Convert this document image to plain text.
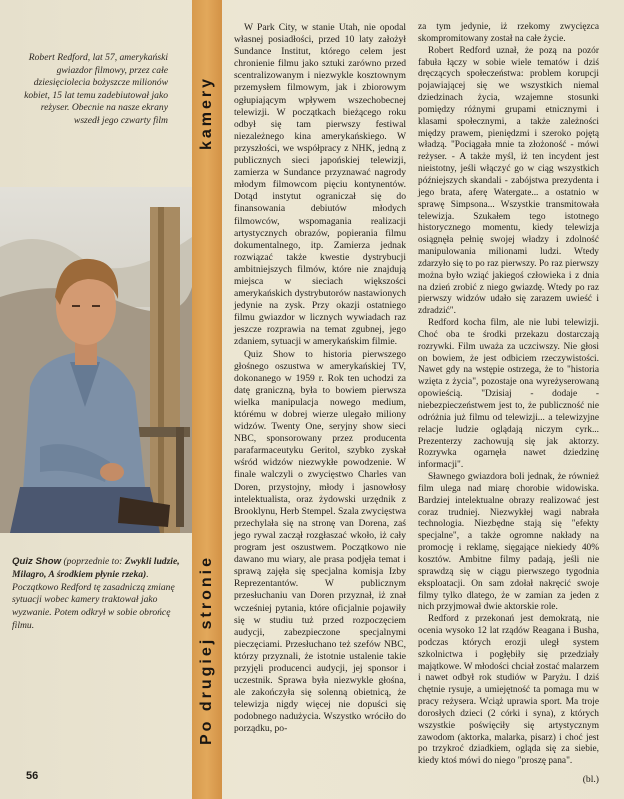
Robert Redford, lat 57, amerykański gwiazdor filmowy, przez całe dziesięciolecia bożyszcze milionów kobiet, 15 lat temu zadebiutował jako reżyser. Obecnie na nasze ekrany wszedł jego czwarty film
Quiz Show (poprzednie to: Zwykli ludzie, Milagro, A środkiem płynie rzeka). Początkowo Redford tę zasadniczą zmianę sytuacji wobec kamery traktował jako wyzwanie. Potem odkrył w sobie obrońcę filmu.
kamery
Po drugiej stronie

W Park City, w stanie Utah, nie opodal własnej posiadłości, przed 10 laty założył Sundance Institut, którego celem jest chronienie filmu jako sztuki zarówno przed scentralizowanym i niezwykle kosztownym przemysłem filmowym, jak i zbiorowym ogłupiającym wpływem wszechobecnej telewizji. W początkach bieżącego roku odbył się tam pierwszy festiwal niezależnego kina amerykańskiego. W przyszłości, we współpracy z NHK, jedną z publicznych sieci japońskiej telewizji, zamierza w Sundance przyznawać nagrody młodym filmowcom pięciu kontynentów. Dotąd instytut ograniczał się do finansowania debiutów młodych filmowców, wspomagania realizacji artystycznych obrazów, popierania filmu dokumentalnego, itp. Zamierza jednak rozwiązać także kwestie dystrybucji ambitniejszych filmów, które nie znajdują miejsca w sieciach większości amerykańskich dystrybutorów nastawionych jedynie na zysk. Przy okazji ostatniego filmu gwiazdor w licznych wywiadach raz jeszcze rozprawia na temat zgubnej, jego zdaniem, sytuacji w amerykańskim filmie.

Quiz Show to historia pierwszego głośnego oszustwa w amerykańskiej TV, dokonanego w 1959 r. Rok ten uchodzi za datę graniczną, była to bowiem pierwsza wielka manipulacja nowego medium, którému w dobrej wierze ulegało miliony widzów. Twenty One, seryjny show sieci NBC, sponsorowany przez producenta parafarmaceutyku Geritol, szybko zyskał wśród widzów niezwykłe powodzenie. W finale walczyli o zwycięstwo Charles van Doren, przystojny, młody i jasnowłosy intelektualista, oraz żydowski urzędnik z Brooklynu, Herb Stempel. Szala zwycięstwa przechylała się na stronę van Dorena, zaś jego rywal zaczął rozgłaszać wkoło, iż cały program jest oszustwem. Początkowo nie dawano mu wiary, ale prasa podjęła temat i sprawą zajęła się specjalna komisja Izby Reprezentantów. W publicznym przesłuchaniu van Doren przyznał, iż znał wcześniej pytania, które oficjalnie pojawiły się w studiu tuż przed rozpoczęciem audycji, zabezpieczone specjalnymi pieczęciami. Przesłuchano też szefów NBC, którzy przyznali, że istotnie ustalenie takie przyjęli producenci audycji, jej sponsor i uczestnik. Sprawa była niezwykle głośna, ale zakończyła się solenną obietnicą, że telewizja nigdy więcej nie dopuści się podobnego nadużycia. Wszystko wróciło do porządku, po-

za tym jedynie, iż rzekomy zwycięzca skompromitowany został na całe życie.

Robert Redford uznał, że pozą na pozór fabuła łączy w sobie wiele tematów i dziś dręczących społeczeństwa: problem korupcji pojawiającej się we wszystkich niemal dziedzinach życia, wzajemne stosunki pomiędzy różnymi grupami etnicznymi i klasami społecznymi, a także zależności między prawem, pieniędzmi i szeroko pojętą władzą. "Pociągała mnie ta złożoność - mówi reżyser. - A także myśl, iż ten incydent jest nieistotny, jeśli włączyć go w ciąg wszystkich późniejszych skandali - zabójstwa prezydenta i jego brata, aferę Watergate... a ostatnio w sprawę Simpsona... Wszystkie transmitowała telewizja. Szukałem tego istotnego historycznego momentu, kiedy telewizja osiągnęła pełnię swojej władzy i zdolność manipulowania milionami ludzi. Wtedy zdarzyło się to po raz pierwszy. Po raz pierwszy można było wziąć jakiegoś człowieka i z dnia na dzień zrobić z niego gwiazdę. Wtedy po raz pierwszy widzów udało się zarazem uwieść i zdradzić".

Redford kocha film, ale nie lubi telewizji. Choć oba te środki przekazu dostarczają rozrywki. Film uważa za uczciwszy. Nie głosi on bowiem, że jest odbiciem rzeczywistości. Nawet gdy na wstępie ostrzega, że to "historia wzięta z życia", pozostaje ona wyreżyserowaną opowieścią. "Dzisiaj - dodaje - niebezpieczeństwem jest to, że publiczność nie odróżnia już filmu od telewizji... a telewizyjne relacje ludzie oglądają niczym cyrk... Prezenterzy zachowują się jak aktorzy. Rozrywka ogarnęła nawet dziedzinę informacji".

Sławnego gwiazdora boli jednak, że również film ulega nad miarę chorobie widowiska. Bardziej intelektualne obrazy realizować jest coraz trudniej. Niezwykłej wagi nabrała technologia. Niezbędne stają się "efekty specjalne", a także ogromne nakłady na promocję i reklamę, sięgające niekiedy 40% kosztów. Ambitne filmy padają, jeśli nie sprawdzą się w ciągu pierwszego tygodnia eksploatacji. On sam zdołał nakręcić swoje filmy tylko dlatego, że w zamian za jeden z nich przyjmował dwie aktorskie role.

Redford z przekonań jest demokratą, nie ocenia wysoko 12 lat rządów Reagana i Busha, podczas których erozji uległ system szkolnictwa i pogłębiły się przedziały majątkowe. W młodości chciał zostać malarzem i nawet odbył rok studiów w Paryżu. I dziś chętnie rysuje, a umiejętność ta pomaga mu w pracy reżysera. Wciąż uprawia sport. Ma troje dorosłych dzieci (2 córki i syna), z których wszystkie poświęciły się artystycznym zawodom (aktorka, malarka, pisarz) i choć jest po trzykroć dziadkiem, ogląda się za siebie, kiedy ktoś mówi do niego "proszę pana".

(bl.)
56
